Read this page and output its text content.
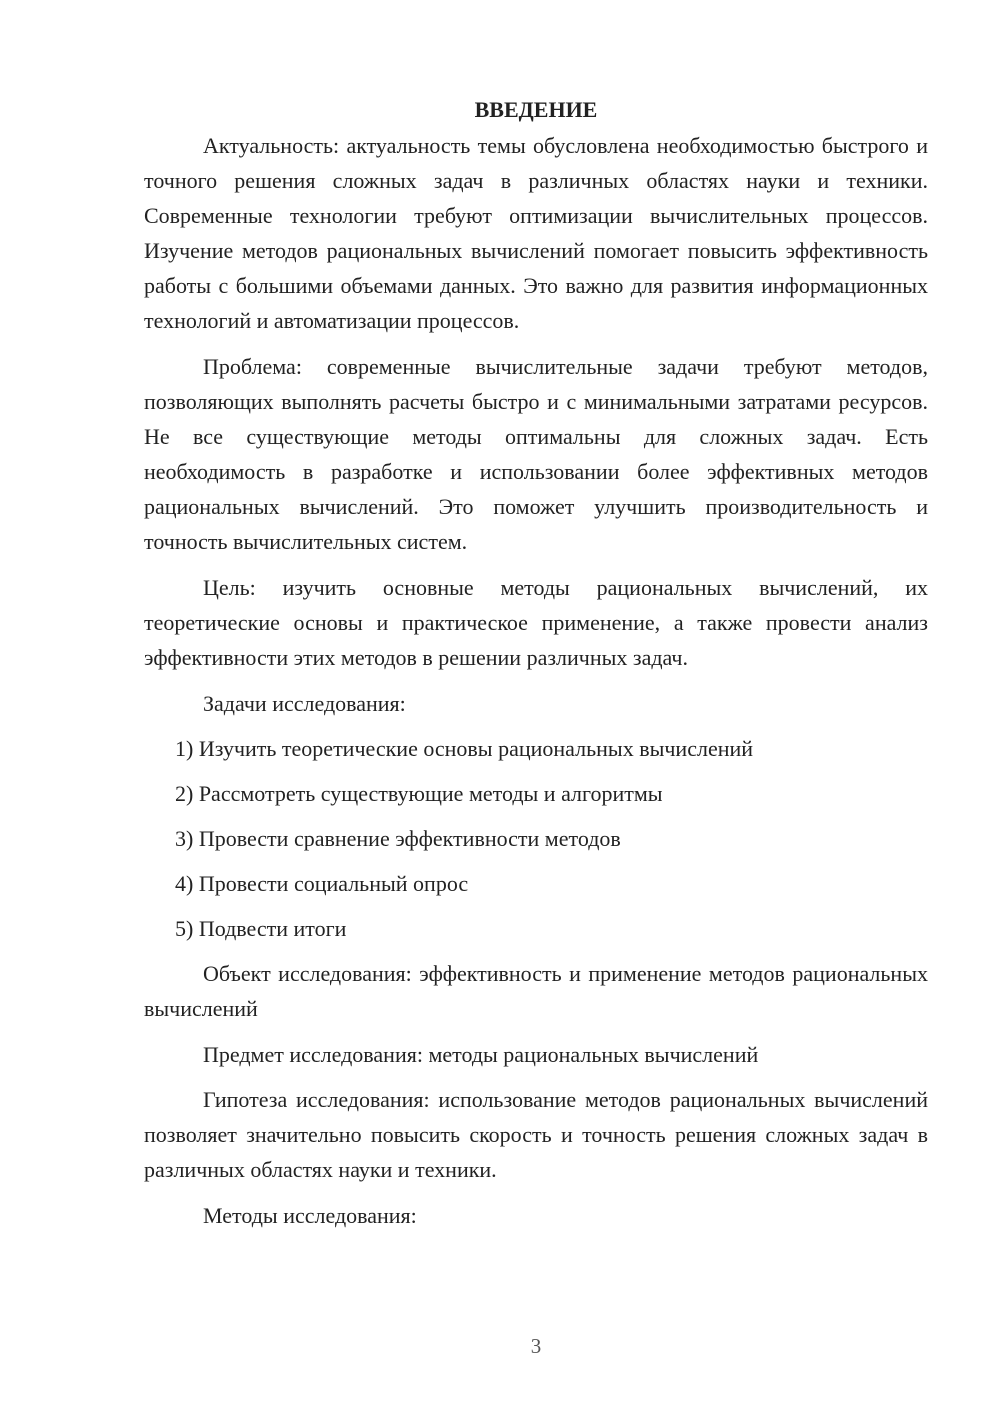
ВВЕДЕНИЕ

Актуальность: актуальность темы обусловлена необходимостью быстрого и точного решения сложных задач в различных областях науки и техники. Современные технологии требуют оптимизации вычислительных процессов. Изучение методов рациональных вычислений помогает повысить эффективность работы с большими объемами данных. Это важно для развития информационных технологий и автоматизации процессов.

Проблема: современные вычислительные задачи требуют методов, позволяющих выполнять расчеты быстро и с минимальными затратами ресурсов. Не все существующие методы оптимальны для сложных задач. Есть необходимость в разработке и использовании более эффективных методов рациональных вычислений. Это поможет улучшить производительность и точность вычислительных систем.

Цель: изучить основные методы рациональных вычислений, их теоретические основы и практическое применение, а также провести анализ эффективности этих методов в решении различных задач.

Задачи исследования:

1) Изучить теоретические основы рациональных вычислений
2) Рассмотреть существующие методы и алгоритмы
3) Провести сравнение эффективности методов
4) Провести социальный опрос
5) Подвести итоги

Объект исследования: эффективность и применение методов рациональных вычислений

Предмет исследования: методы рациональных вычислений

Гипотеза исследования: использование методов рациональных вычислений позволяет значительно повысить скорость и точность решения сложных задач в различных областях науки и техники.

Методы исследования:

3
